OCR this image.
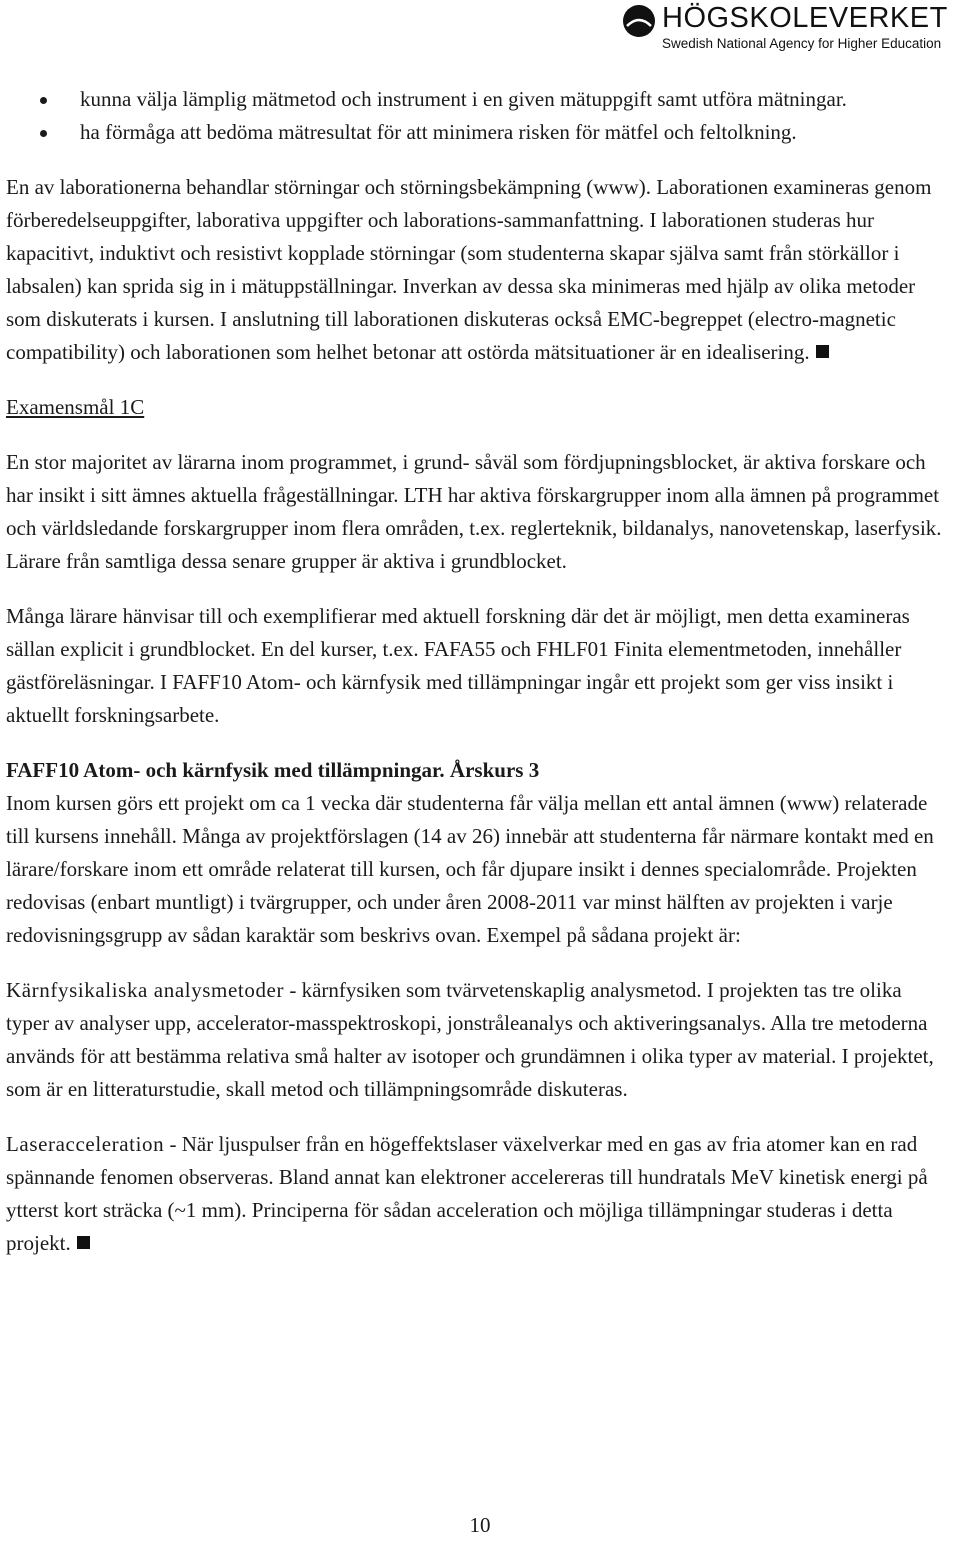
HÖGSKOLEVERKET
Swedish National Agency for Higher Education
kunna välja lämplig mätmetod och instrument i en given mätuppgift samt utföra mätningar.
ha förmåga att bedöma mätresultat för att minimera risken för mätfel och feltolkning.

En av laborationerna behandlar störningar och störningsbekämpning (www). Laborationen examineras genom förberedelseuppgifter, laborativa uppgifter och laborations-sammanfattning. I laborationen studeras hur kapacitivt, induktivt och resistivt kopplade störningar (som studenterna skapar själva samt från störkällor i labsalen) kan sprida sig in i mätuppställningar. Inverkan av dessa ska minimeras med hjälp av olika metoder som diskuterats i kursen. I anslutning till laborationen diskuteras också EMC-begreppet (electro-magnetic compatibility) och laborationen som helhet betonar att ostörda mätsituationer är en idealisering.

Examensmål 1C

En stor majoritet av lärarna inom programmet, i grund- såväl som fördjupningsblocket, är aktiva forskare och har insikt i sitt ämnes aktuella frågeställningar. LTH har aktiva förskargrupper inom alla ämnen på programmet och världsledande forskargrupper inom flera områden, t.ex. reglerteknik, bildanalys, nanovetenskap, laserfysik. Lärare från samtliga dessa senare grupper är aktiva i grundblocket.

Många lärare hänvisar till och exemplifierar med aktuell forskning där det är möjligt, men detta examineras sällan explicit i grundblocket. En del kurser, t.ex. FAFA55 och FHLF01 Finita elementmetoden, innehåller gästföreläsningar. I FAFF10 Atom- och kärnfysik med tillämpningar ingår ett projekt som ger viss insikt i aktuellt forskningsarbete.

FAFF10 Atom- och kärnfysik med tillämpningar. Årskurs 3

Inom kursen görs ett projekt om ca 1 vecka där studenterna får välja mellan ett antal ämnen (www) relaterade till kursens innehåll. Många av projektförslagen (14 av 26) innebär att studenterna får närmare kontakt med en lärare/forskare inom ett område relaterat till kursen, och får djupare insikt i dennes specialområde. Projekten redovisas (enbart muntligt) i tvärgrupper, och under åren 2008-2011 var minst hälften av projekten i varje redovisningsgrupp av sådan karaktär som beskrivs ovan. Exempel på sådana projekt är:

Kärnfysikaliska analysmetoder - kärnfysiken som tvärvetenskaplig analysmetod. I projekten tas tre olika typer av analyser upp, accelerator-masspektroskopi, jonstråleanalys och aktiveringsanalys. Alla tre metoderna används för att bestämma relativa små halter av isotoper och grundämnen i olika typer av material. I projektet, som är en litteraturstudie, skall metod och tillämpningsområde diskuteras.

Laseracceleration - När ljuspulser från en högeffektslaser växelverkar med en gas av fria atomer kan en rad spännande fenomen observeras. Bland annat kan elektroner accelereras till hundratals MeV kinetisk energi på ytterst kort sträcka (~1 mm). Principerna för sådan acceleration och möjliga tillämpningar studeras i detta projekt.

10
